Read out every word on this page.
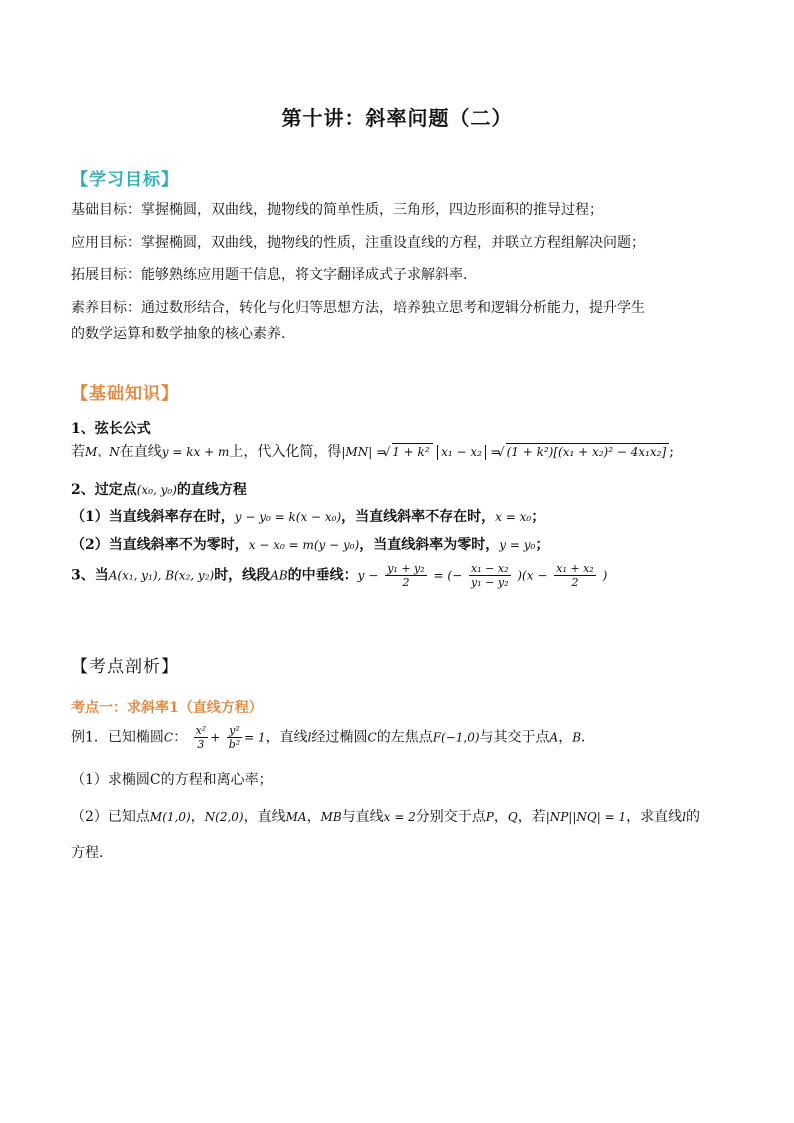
第十讲：斜率问题（二）
【学习目标】
基础目标：掌握椭圆，双曲线，抛物线的简单性质，三角形，四边形面积的推导过程；
应用目标：掌握椭圆，双曲线，抛物线的性质，注重设直线的方程，并联立方程组解决问题；
拓展目标：能够熟练应用题干信息，将文字翻译成式子求解斜率.
素养目标：通过数形结合，转化与化归等思想方法，培养独立思考和逻辑分析能力，提升学生
的数学运算和数学抽象的核心素养.
【基础知识】
1、弦长公式
若M、N在直线y = kx + m上，代入化简，得|MN| = √ 1 + k² x₁ − x₂ = √ (1 + k²)[(x₁ + x₂)² − 4x₁x₂] ;
2、过定点(x₀, y₀)的直线方程
（1）当直线斜率存在时，y − y₀ = k(x − x₀)，当直线斜率不存在时，x = x₀；
（2）当直线斜率不为零时，x − x₀ = m(y − y₀)，当直线斜率为零时，y = y₀；
3、当A(x₁, y₁), B(x₂, y₂)时，线段AB的中垂线：$y - \frac{\text{y₁ + y₂}}{2}$ = (− $\frac{\text{x₁ − x₂}}{\text{y₁ − y₂}} )(x - \frac{\text{x₁ + x₂}}{2}$ )
【考点剖析】
考点一：求斜率1（直线方程）
例1．已知椭圆C： $\frac{\text{x²}}{3} + \frac{\text{y²}}{\text{b²}} = 1$，直线l经过椭圆C的左焦点F(−1,0)与其交于点A，B．
（1）求椭圆C的方程和离心率；
（2）已知点M(1,0)，N(2,0)，直线MA，MB与直线x = 2分别交于点P，Q，若|NP||NQ| = 1，求直线l的
方程.
